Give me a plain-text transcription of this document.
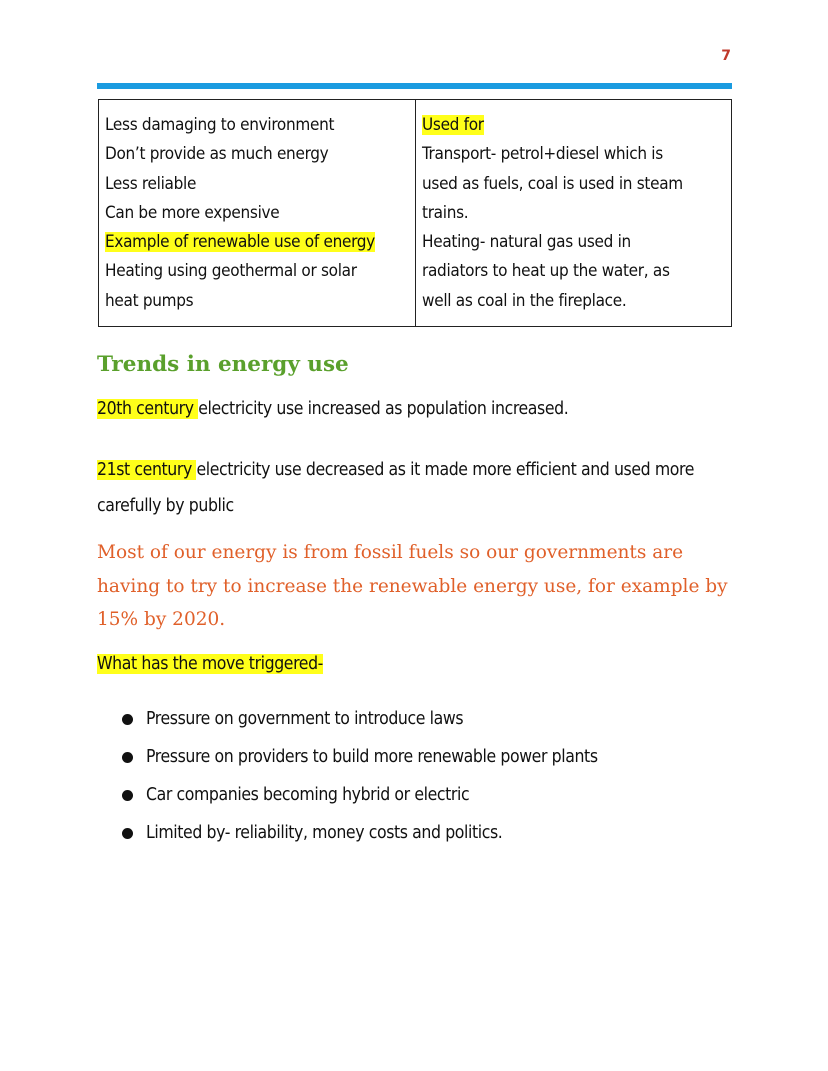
7
Less damaging to environment
Don’t provide as much energy
Less reliable
Can be more expensive
Example of renewable use of energy
Heating using geothermal or solar
heat pumps

Used for
Transport- petrol+diesel which is
used as fuels, coal is used in steam
trains.
Heating- natural gas used in
radiators to heat up the water, as
well as coal in the fireplace.
Trends in energy use
20th century electricity use increased as population increased.
21st century electricity use decreased as it made more efficient and used more
carefully by public

Most of our energy is from fossil fuels so our governments are having to try to increase the renewable energy use, for example by 15% by 2020.

What has the move triggered-
Pressure on government to introduce laws
Pressure on providers to build more renewable power plants
Car companies becoming hybrid or electric
Limited by- reliability, money costs and politics.
